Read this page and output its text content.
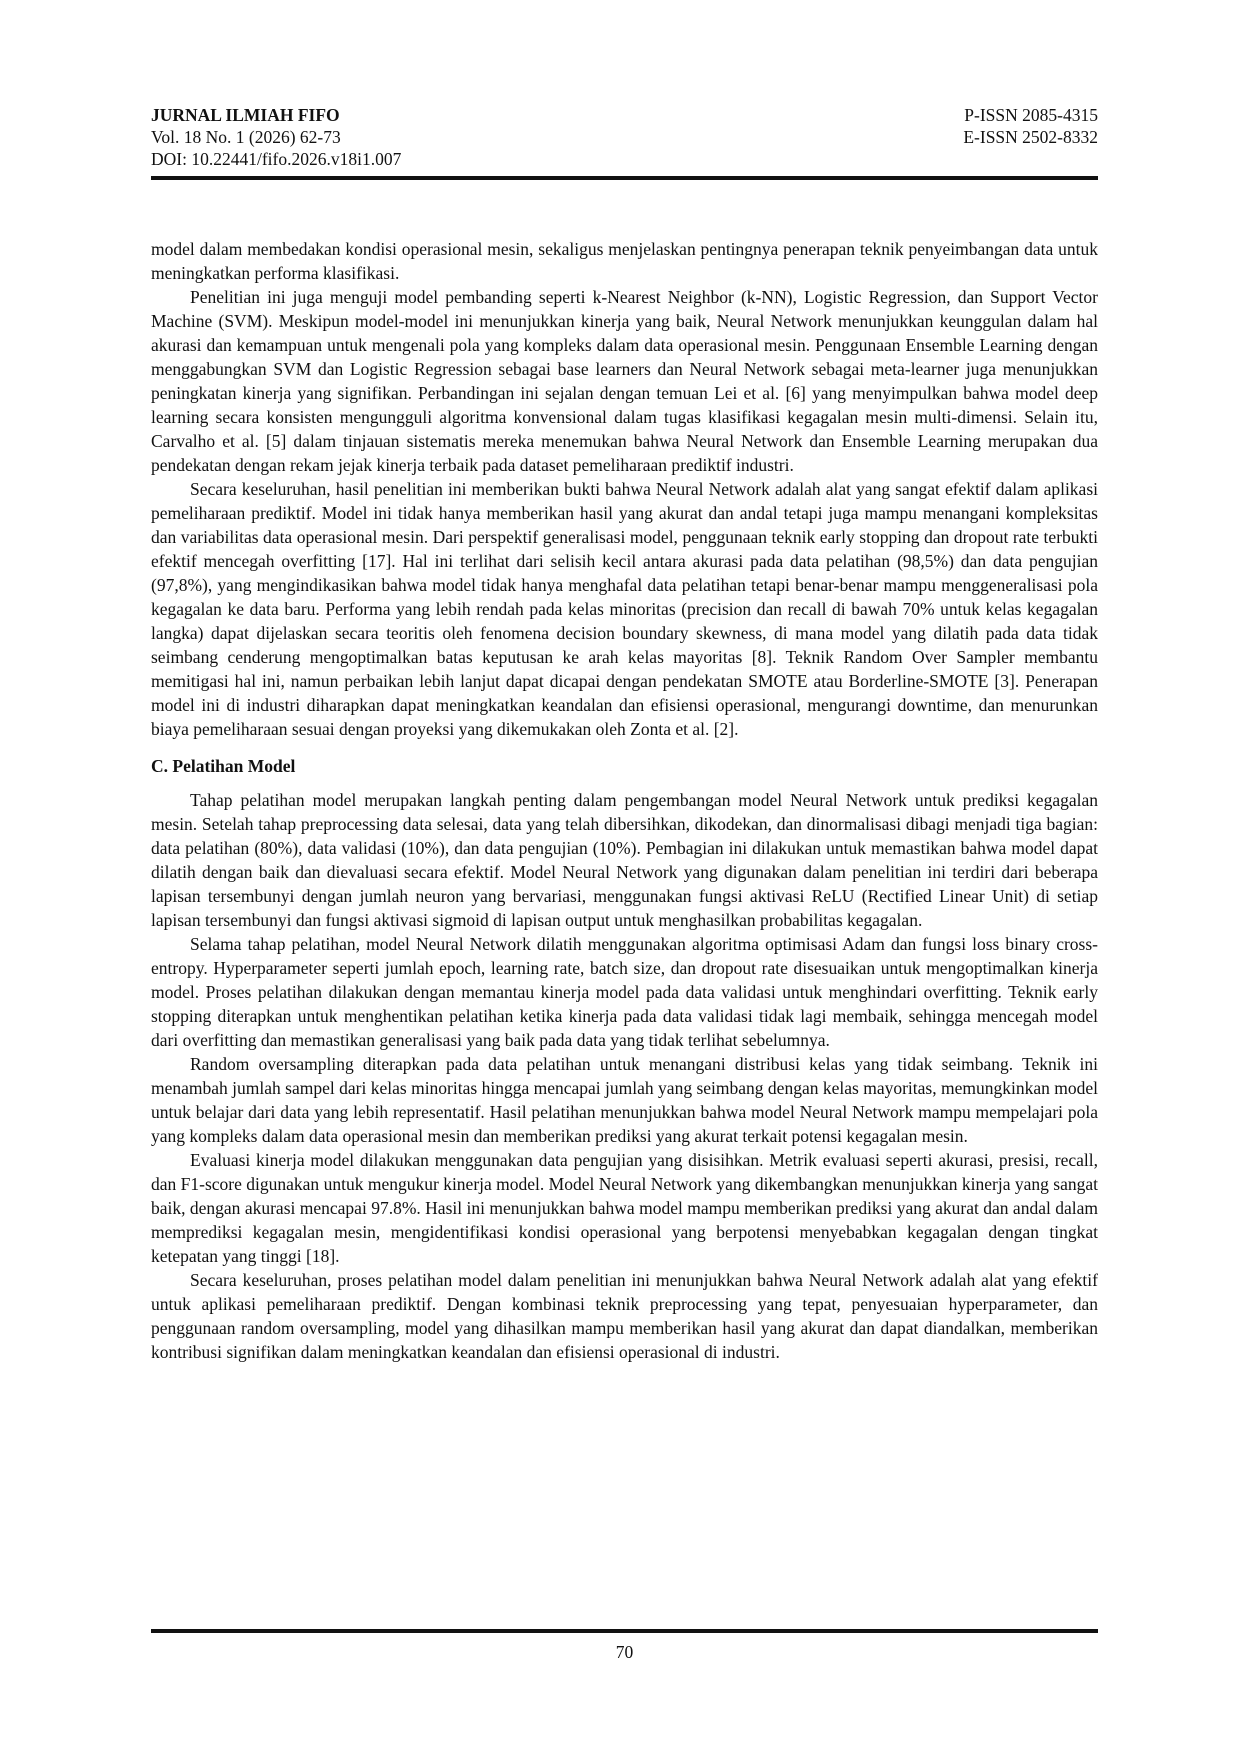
JURNAL ILMIAH FIFO
Vol. 18 No. 1 (2026) 62-73
DOI: 10.22441/fifo.2026.v18i1.007
P-ISSN 2085-4315
E-ISSN 2502-8332

model dalam membedakan kondisi operasional mesin, sekaligus menjelaskan pentingnya penerapan teknik penyeimbangan data untuk meningkatkan performa klasifikasi.

Penelitian ini juga menguji model pembanding seperti k-Nearest Neighbor (k-NN), Logistic Regression, dan Support Vector Machine (SVM). Meskipun model-model ini menunjukkan kinerja yang baik, Neural Network menunjukkan keunggulan dalam hal akurasi dan kemampuan untuk mengenali pola yang kompleks dalam data operasional mesin. Penggunaan Ensemble Learning dengan menggabungkan SVM dan Logistic Regression sebagai base learners dan Neural Network sebagai meta-learner juga menunjukkan peningkatan kinerja yang signifikan. Perbandingan ini sejalan dengan temuan Lei et al. [6] yang menyimpulkan bahwa model deep learning secara konsisten mengungguli algoritma konvensional dalam tugas klasifikasi kegagalan mesin multi-dimensi. Selain itu, Carvalho et al. [5] dalam tinjauan sistematis mereka menemukan bahwa Neural Network dan Ensemble Learning merupakan dua pendekatan dengan rekam jejak kinerja terbaik pada dataset pemeliharaan prediktif industri.

Secara keseluruhan, hasil penelitian ini memberikan bukti bahwa Neural Network adalah alat yang sangat efektif dalam aplikasi pemeliharaan prediktif. Model ini tidak hanya memberikan hasil yang akurat dan andal tetapi juga mampu menangani kompleksitas dan variabilitas data operasional mesin. Dari perspektif generalisasi model, penggunaan teknik early stopping dan dropout rate terbukti efektif mencegah overfitting [17]. Hal ini terlihat dari selisih kecil antara akurasi pada data pelatihan (98,5%) dan data pengujian (97,8%), yang mengindikasikan bahwa model tidak hanya menghafal data pelatihan tetapi benar-benar mampu menggeneralisasi pola kegagalan ke data baru. Performa yang lebih rendah pada kelas minoritas (precision dan recall di bawah 70% untuk kelas kegagalan langka) dapat dijelaskan secara teoritis oleh fenomena decision boundary skewness, di mana model yang dilatih pada data tidak seimbang cenderung mengoptimalkan batas keputusan ke arah kelas mayoritas [8]. Teknik Random Over Sampler membantu memitigasi hal ini, namun perbaikan lebih lanjut dapat dicapai dengan pendekatan SMOTE atau Borderline-SMOTE [3]. Penerapan model ini di industri diharapkan dapat meningkatkan keandalan dan efisiensi operasional, mengurangi downtime, dan menurunkan biaya pemeliharaan sesuai dengan proyeksi yang dikemukakan oleh Zonta et al. [2].

C. Pelatihan Model

Tahap pelatihan model merupakan langkah penting dalam pengembangan model Neural Network untuk prediksi kegagalan mesin. Setelah tahap preprocessing data selesai, data yang telah dibersihkan, dikodekan, dan dinormalisasi dibagi menjadi tiga bagian: data pelatihan (80%), data validasi (10%), dan data pengujian (10%). Pembagian ini dilakukan untuk memastikan bahwa model dapat dilatih dengan baik dan dievaluasi secara efektif. Model Neural Network yang digunakan dalam penelitian ini terdiri dari beberapa lapisan tersembunyi dengan jumlah neuron yang bervariasi, menggunakan fungsi aktivasi ReLU (Rectified Linear Unit) di setiap lapisan tersembunyi dan fungsi aktivasi sigmoid di lapisan output untuk menghasilkan probabilitas kegagalan.

Selama tahap pelatihan, model Neural Network dilatih menggunakan algoritma optimisasi Adam dan fungsi loss binary cross-entropy. Hyperparameter seperti jumlah epoch, learning rate, batch size, dan dropout rate disesuaikan untuk mengoptimalkan kinerja model. Proses pelatihan dilakukan dengan memantau kinerja model pada data validasi untuk menghindari overfitting. Teknik early stopping diterapkan untuk menghentikan pelatihan ketika kinerja pada data validasi tidak lagi membaik, sehingga mencegah model dari overfitting dan memastikan generalisasi yang baik pada data yang tidak terlihat sebelumnya.

Random oversampling diterapkan pada data pelatihan untuk menangani distribusi kelas yang tidak seimbang. Teknik ini menambah jumlah sampel dari kelas minoritas hingga mencapai jumlah yang seimbang dengan kelas mayoritas, memungkinkan model untuk belajar dari data yang lebih representatif. Hasil pelatihan menunjukkan bahwa model Neural Network mampu mempelajari pola yang kompleks dalam data operasional mesin dan memberikan prediksi yang akurat terkait potensi kegagalan mesin.

Evaluasi kinerja model dilakukan menggunakan data pengujian yang disisihkan. Metrik evaluasi seperti akurasi, presisi, recall, dan F1-score digunakan untuk mengukur kinerja model. Model Neural Network yang dikembangkan menunjukkan kinerja yang sangat baik, dengan akurasi mencapai 97.8%. Hasil ini menunjukkan bahwa model mampu memberikan prediksi yang akurat dan andal dalam memprediksi kegagalan mesin, mengidentifikasi kondisi operasional yang berpotensi menyebabkan kegagalan dengan tingkat ketepatan yang tinggi [18].

Secara keseluruhan, proses pelatihan model dalam penelitian ini menunjukkan bahwa Neural Network adalah alat yang efektif untuk aplikasi pemeliharaan prediktif. Dengan kombinasi teknik preprocessing yang tepat, penyesuaian hyperparameter, dan penggunaan random oversampling, model yang dihasilkan mampu memberikan hasil yang akurat dan dapat diandalkan, memberikan kontribusi signifikan dalam meningkatkan keandalan dan efisiensi operasional di industri.

70
